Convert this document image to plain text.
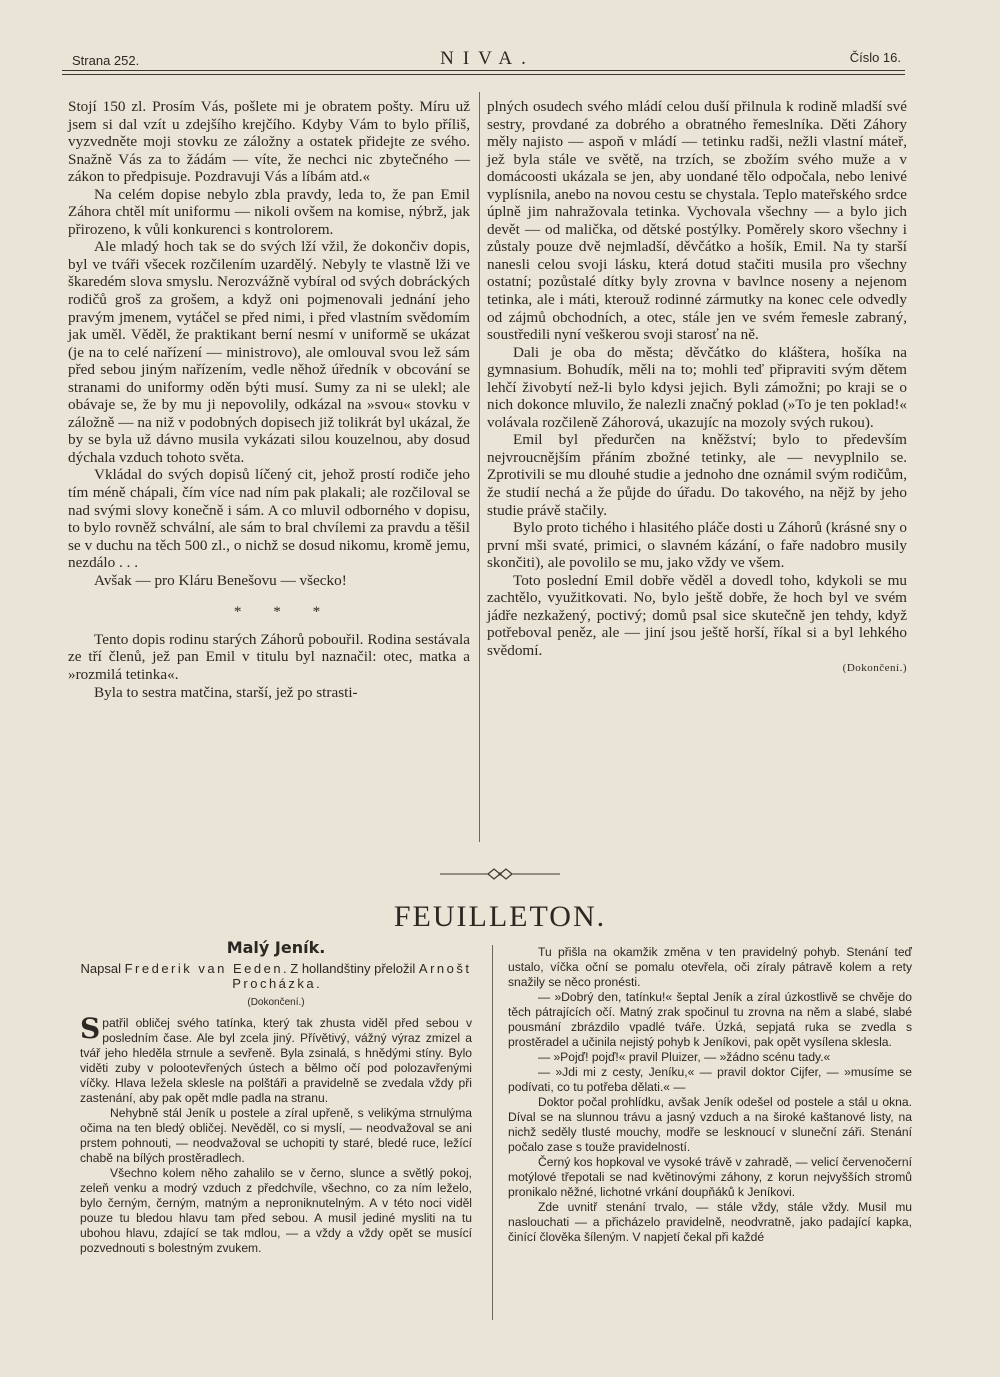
Strana 252.	NIVA.	Číslo 16.

Stojí 150 zl. Prosím Vás, pošlete mi je obratem pošty. Míru už jsem si dal vzít u zdejšího krejčího. Kdyby Vám to bylo příliš, vyzvedněte moji stovku ze záložny a ostatek přidejte ze svého. Snažně Vás za to žádám — víte, že nechci nic zbytečného — zákon to předpisuje. Pozdravuji Vás a líbám atd.«

Na celém dopise nebylo zbla pravdy, leda to, že pan Emil Záhora chtěl mít uniformu — nikoli ovšem na komise, nýbrž, jak přirozeno, k vůli konkurenci s kontrolorem.

Ale mladý hoch tak se do svých lží vžil, že dokončiv dopis, byl ve tváři všecek rozčilením uzardělý. Nebyly te vlastně lži ve škaredém slova smyslu. Nerozvážně vybíral od svých dobráckých rodičů groš za grošem, a když oni pojmenovali jednání jeho pravým jmenem, vytáčel se před nimi, i před vlastním svědomím jak uměl. Věděl, že praktikant berní nesmí v uniformě se ukázat (je na to celé nařízení — ministrovo), ale omlouval svou lež sám před sebou jiným nařízením, vedle něhož úředník v obcování se stranami do uniformy oděn býti musí. Sumy za ni se ulekl; ale obávaje se, že by mu ji nepovolily, odkázal na »svou« stovku v záložně — na niž v podobných dopisech již tolikrát byl ukázal, že by se byla už dávno musila vykázati silou kouzelnou, aby dosud dýchala vzduch tohoto světa.

Vkládal do svých dopisů líčený cit, jehož prostí rodiče jeho tím méně chápali, čím více nad ním pak plakali; ale rozčiloval se nad svými slovy konečně i sám. A co mluvil odborného v dopisu, to bylo rovněž schvální, ale sám to bral chvílemi za pravdu a těšil se v duchu na těch 500 zl., o nichž se dosud nikomu, kromě jemu, nezdálo . . .

Avšak — pro Kláru Benešovu — všecko!

* * *

Tento dopis rodinu starých Záhorů pobouřil. Rodina sestávala ze tří členů, jež pan Emil v titulu byl naznačil: otec, matka a »rozmilá tetinka«.

Byla to sestra matčina, starší, jež po strasti-

plných osudech svého mládí celou duší přilnula k rodině mladší své sestry, provdané za dobrého a obratného řemeslníka. Děti Záhory měly najisto — aspoň v mládí — tetinku radši, nežli vlastní máteř, jež byla stále ve světě, na trzích, se zbožím svého muže a v domácoosti ukázala se jen, aby uondané tělo odpočala, nebo lenivé vyplísnila, anebo na novou cestu se chystala. Teplo mateřského srdce úplně jim nahražovala tetinka. Vychovala všechny — a bylo jich devět — od malička, od dětské postýlky. Poměrely skoro všechny i zůstaly pouze dvě nejmladší, děvčátko a hošík, Emil. Na ty starší nanesli celou svoji lásku, která dotud stačiti musila pro všechny ostatní; pozůstalé dítky byly zrovna v bavlnce noseny a nejenom tetinka, ale i máti, kterouž rodinné zármutky na konec cele odvedly od zájmů obchodních, a otec, stále jen ve svém řemesle zabraný, soustředili nyní veškerou svoji starosť na ně.

Dali je oba do města; děvčátko do kláštera, hošíka na gymnasium. Bohudík, měli na to; mohli teď připraviti svým dětem lehčí živobytí než-li bylo kdysi jejich. Byli zámožni; po kraji se o nich dokonce mluvilo, že nalezli značný poklad (»To je ten poklad!« volávala rozčileně Záhorová, ukazujíc na mozoly svých rukou).

Emil byl předurčen na kněžství; bylo to především nejvroucnějším přáním zbožné tetinky, ale — nevyplnilo se. Zprotivili se mu dlouhé studie a jednoho dne oznámil svým rodičům, že studií nechá a že půjde do úřadu. Do takového, na nějž by jeho studie právě stačily.

Bylo proto tichého i hlasitého pláče dosti u Záhorů (krásné sny o první mši svaté, primici, o slavném kázání, o faře nadobro musily skončiti), ale povolilo se mu, jako vždy ve všem.

Toto poslední Emil dobře věděl a dovedl toho, kdykoli se mu zachtělo, využitkovati. No, bylo ještě dobře, že hoch byl ve svém jádře nezkažený, poctivý; domů psal sice skutečně jen tehdy, když potřeboval peněz, ale — jiní jsou ještě horší, říkal si a byl lehkého svědomí.

(Dokončení.)

FEUILLETON.

Malý Jeník.

Napsal Frederik van Eeden. Z hollandštiny přeložil Arnošt Procházka.

(Dokončení.)

Spatřil obličej svého tatínka, který tak zhusta viděl před sebou v posledním čase. Ale byl zcela jiný. Přívětivý, vážný výraz zmizel a tvář jeho hleděla strnule a sevřeně. Byla zsinalá, s hnědými stíny. Bylo viděti zuby v polootevřených ústech a bělmo očí pod polozavřenými víčky. Hlava ležela sklesle na polštáři a pravidelně se zvedala vždy při zastenání, aby pak opět mdle padla na stranu.

Nehybně stál Jeník u postele a zíral upřeně, s velikýma strnulýma očima na ten bledý obličej. Nevěděl, co si myslí, — neodvažoval se ani prstem pohnouti, — neodvažoval se uchopiti ty staré, bledé ruce, ležící chabě na bílých prostěradlech.

Všechno kolem něho zahalilo se v černo, slunce a světlý pokoj, zeleň venku a modrý vzduch z předchvíle, všechno, co za ním leželo, bylo černým, černým, matným a neproniknutelným. A v této noci viděl pouze tu bledou hlavu tam před sebou. A musil jediné mysliti na tu ubohou hlavu, zdající se tak mdlou, — a vždy a vždy opět se musící pozvednouti s bolestným zvukem.

Tu přišla na okamžik změna v ten pravidelný pohyb. Stenání teď ustalo, víčka oční se pomalu otevřela, oči zíraly pátravě kolem a rety snažily se něco pronésti.

— »Dobrý den, tatínku!« šeptal Jeník a zíral úzkostlivě se chvěje do těch pátrajících očí. Matný zrak spočinul tu zrovna na něm a slabé, slabé pousmání zbrázdilo vpadlé tváře. Úzká, sepjatá ruka se zvedla s prostěradel a učinila nejistý pohyb k Jeníkovi, pak opět vysílena sklesla.

— »Pojď! pojď!« pravil Pluizer, — »žádno scénu tady.«

— »Jdi mi z cesty, Jeníku,« — pravil doktor Cijfer, — »musíme se podívati, co tu potřeba dělati.« —

Doktor počal prohlídku, avšak Jeník odešel od postele a stál u okna. Díval se na slunnou trávu a jasný vzduch a na široké kaštanové listy, na nichž seděly tlusté mouchy, modře se lesknoucí v sluneční záři. Stenání počalo zase s touže pravidelností.

Černý kos hopkoval ve vysoké trávě v zahradě, — velicí červenočerní motýlové třepotali se nad květinovými záhony, z korun nejvyšších stromů pronikalo něžné, lichotné vrkání doupňáků k Jeníkovi.

Zde uvnitř stenání trvalo, — stále vždy, stále vždy. Musil mu naslouchati — a přicházelo pravidelně, neodvratně, jako padající kapka, činící člověka šíleným. V napjetí čekal při každé
